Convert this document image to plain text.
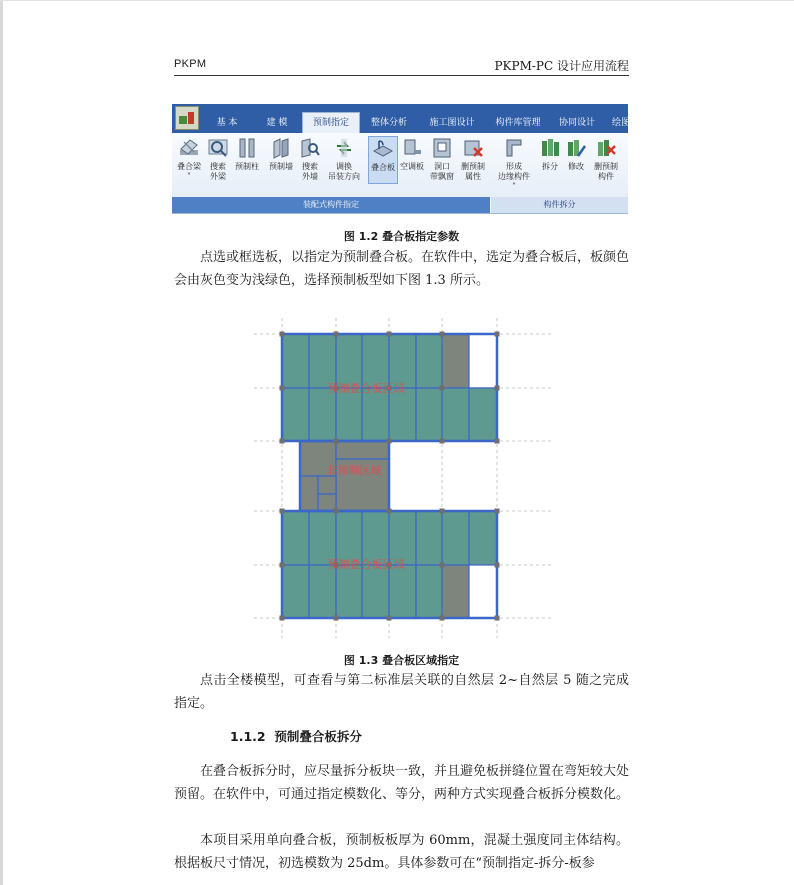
PKPM	PKPM-PC 设计应用流程
基 本	建 模	预制指定	整体分析	施工图设计	构件库管理	协同设计	绘图
叠合梁
˅
搜索
外梁
预制柱	预制墙	搜索
外墙
调换
吊装方向
叠合板 空调板	洞口
带飘窗
删预制
属性
形成
边缘构件
˅
拆分	修改	删预制
构件
装配式构件指定	构件拆分
图 1.2 叠合板指定参数
点选或框选板，以指定为预制叠合板。在软件中，选定为叠合板后，板颜色会由灰色变为浅绿色，选择预制板型如下图 1.3 所示。
预制叠合板区域
非预制区域
预制叠合板区域
图 1.3 叠合板区域指定
点击全楼模型，可查看与第二标准层关联的自然层 2~自然层 5 随之完成指定。
1.1.2 预制叠合板拆分
在叠合板拆分时，应尽量拆分板块一致，并且避免板拼缝位置在弯矩较大处预留。在软件中，可通过指定模数化、等分，两种方式实现叠合板拆分模数化。
本项目采用单向叠合板，预制板板厚为 60mm，混凝土强度同主体结构。根据板尺寸情况，初选模数为 25dm。具体参数可在“预制指定-拆分-板参
